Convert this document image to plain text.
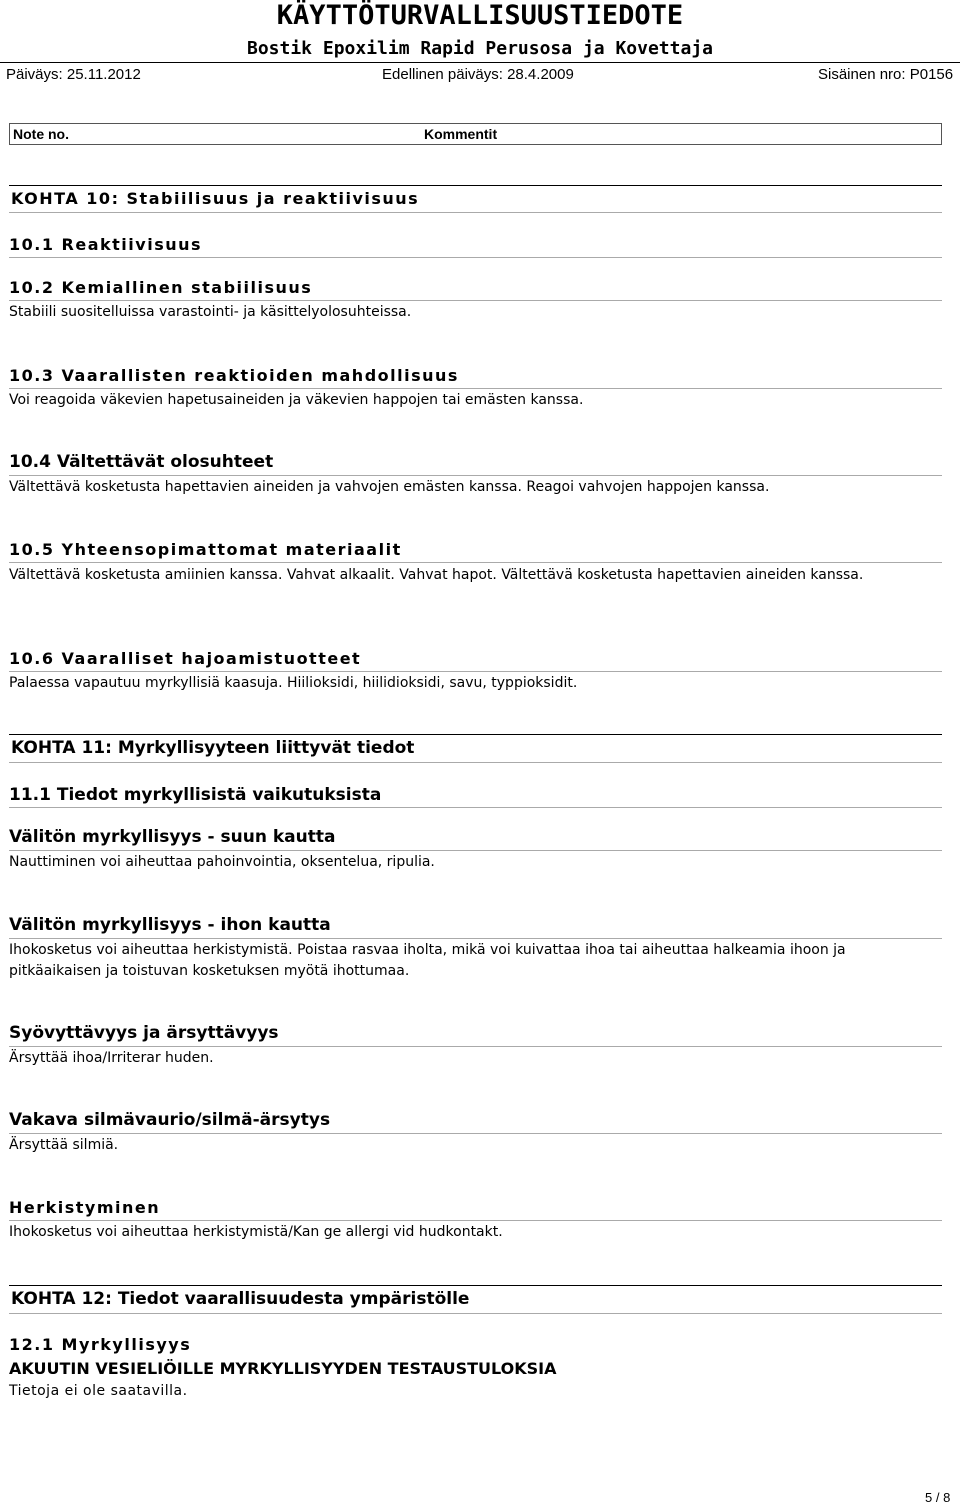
KÄYTTÖTURVALLISUUSTIEDOTE
Bostik Epoxilim Rapid Perusosa ja Kovettaja
Päiväys: 25.11.2012	Edellinen päiväys: 28.4.2009	Sisäinen nro: P0156
Note no.	Kommentit
KOHTA 10: Stabiilisuus ja reaktiivisuus
10.1 Reaktiivisuus
10.2 Kemiallinen stabiilisuus
Stabiili suositelluissa varastointi- ja käsittelyolosuhteissa.
10.3 Vaarallisten reaktioiden mahdollisuus
Voi reagoida väkevien hapetusaineiden ja väkevien happojen tai emästen kanssa.
10.4 Vältettävät olosuhteet
Vältettävä kosketusta hapettavien aineiden ja vahvojen emästen kanssa. Reagoi vahvojen happojen kanssa.
10.5 Yhteensopimattomat materiaalit
Vältettävä kosketusta amiinien kanssa. Vahvat alkaalit. Vahvat hapot. Vältettävä kosketusta hapettavien aineiden kanssa.
10.6 Vaaralliset hajoamistuotteet
Palaessa vapautuu myrkyllisiä kaasuja. Hiilioksidi, hiilidioksidi, savu, typpioksidit.
KOHTA 11: Myrkyllisyyteen liittyvät tiedot
11.1 Tiedot myrkyllisistä vaikutuksista
Välitön myrkyllisyys - suun kautta
Nauttiminen voi aiheuttaa pahoinvointia, oksentelua, ripulia.
Välitön myrkyllisyys - ihon kautta
Ihokosketus voi aiheuttaa herkistymistä. Poistaa rasvaa iholta, mikä voi kuivattaa ihoa tai aiheuttaa halkeamia ihoon ja pitkäaikaisen ja toistuvan kosketuksen myötä ihottumaa.
Syövyttävyys ja ärsyttävyys
Ärsyttää ihoa/Irriterar huden.
Vakava silmävaurio/silmä-ärsytys
Ärsyttää silmiä.
Herkistyminen
Ihokosketus voi aiheuttaa herkistymistä/Kan ge allergi vid hudkontakt.
KOHTA 12: Tiedot vaarallisuudesta ympäristölle
12.1 Myrkyllisyys
AKUUTIN VESIELIÖILLE MYRKYLLISYYDEN TESTAUSTULOKSIA
Tietoja ei ole saatavilla.
5 / 8
